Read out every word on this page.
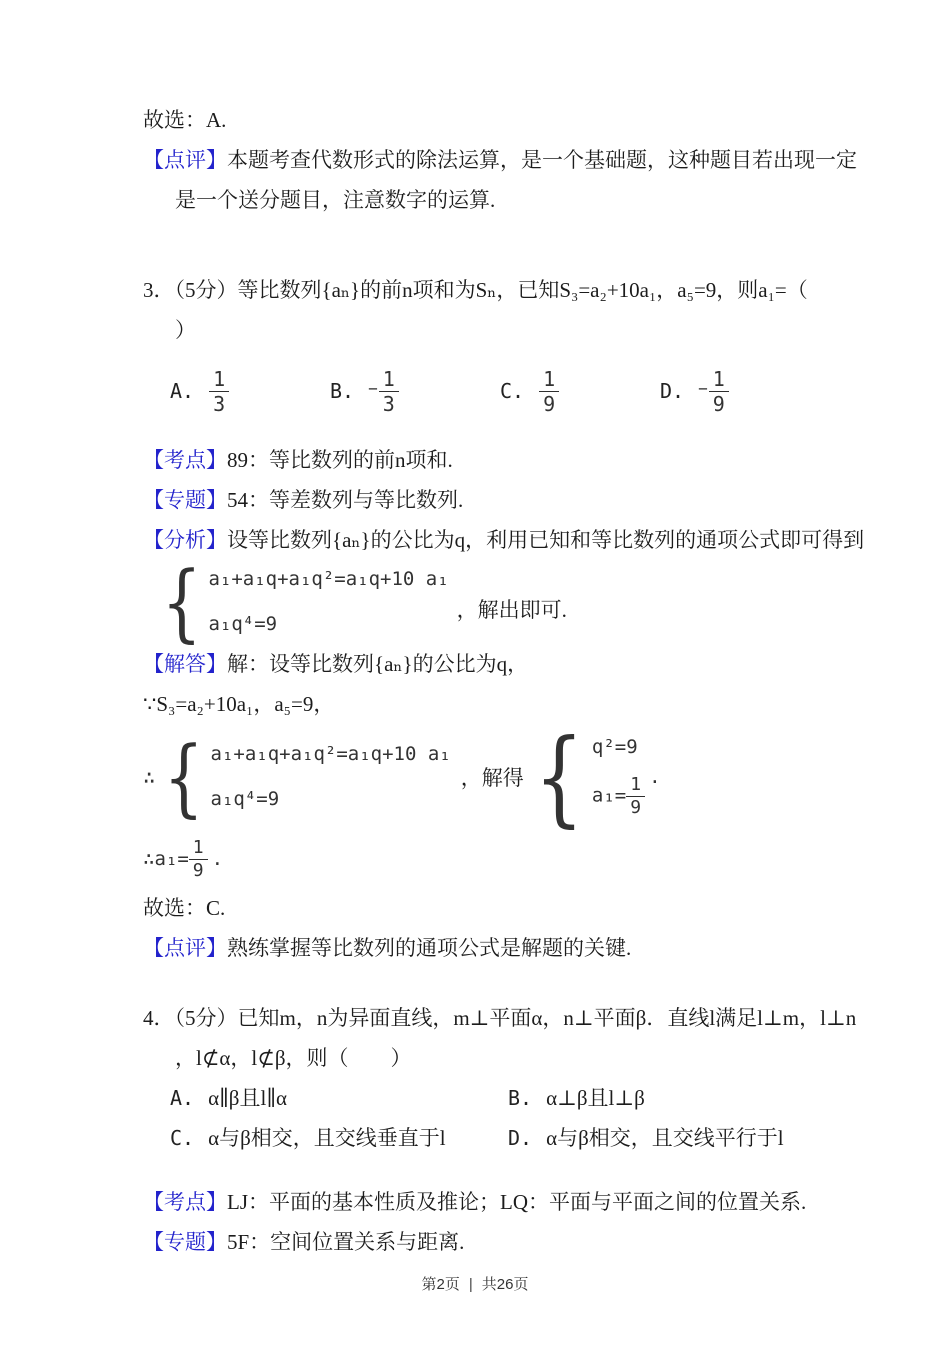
故选：A.
【点评】本题考查代数形式的除法运算，是一个基础题，这种题目若出现一定
是一个送分题目，注意数字的运算.
3．（5分）等比数列{aₙ}的前n项和为Sₙ，已知S₃=a₂+10a₁，a₅=9，则a₁=（
）
A. $\frac{1}{3}$	B. − $\frac{1}{3}$	C. $\frac{1}{9}$	D. − $\frac{1}{9}$
【考点】89：等比数列的前n项和.
【专题】54：等差数列与等比数列.
【分析】设等比数列{aₙ}的公比为q，利用已知和等比数列的通项公式即可得到
{ a₁+a₁q+a₁q²=a₁q+10 a₁
a₁q⁴=9
，解出即可.
【解答】解：设等比数列{aₙ}的公比为q，
∵S₃=a₂+10a₁，a₅=9，
∴ { a₁+a₁q+a₁q²=a₁q+10 a₁
a₁q⁴=9
，解得 { q²=9
$a_1= \frac{1}{9}$ .
∴a₁= $\frac{1}{9}$ .
故选：C.
【点评】熟练掌握等比数列的通项公式是解题的关键.
4．（5分）已知m，n为异面直线，m⊥平面α，n⊥平面β．直线l满足l⊥m，l⊥n
，l⊄α，l⊄β，则（　　）
A. α∥β且l∥α	B. α⊥β且l⊥β
C. α与β相交，且交线垂直于l	D. α与β相交，且交线平行于l
【考点】LJ：平面的基本性质及推论；LQ：平面与平面之间的位置关系.
【专题】5F：空间位置关系与距离.
第2页 | 共26页
